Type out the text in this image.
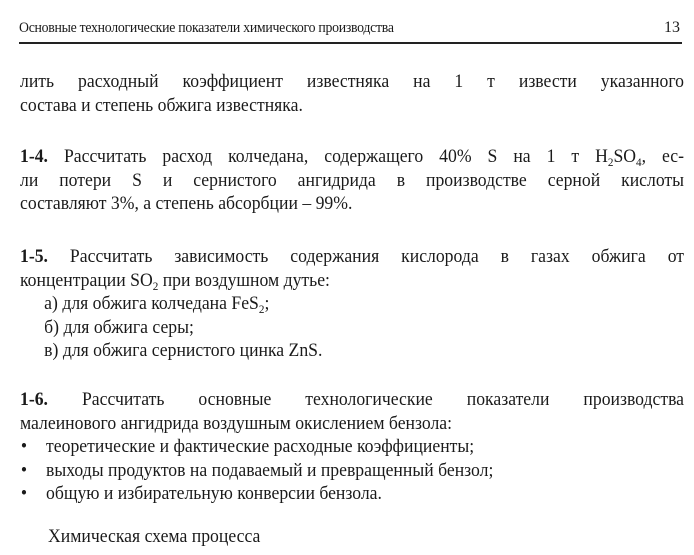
Основные технологические показатели химического производства	13
лить расходный коэффициент известняка на 1 т извести указанного
состава и степень обжига известняка.
1-4. Рассчитать расход колчедана, содержащего 40% S на 1 т $H_2SO_4$, ес-
ли потери S и сернистого ангидрида в производстве серной кислоты
составляют 3%, а степень абсорбции – 99%.
1-5. Рассчитать зависимость содержания кислорода в газах обжига от
концентрации $SO_2$ при воздушном дутье:
а) для обжига колчедана FeS$_2$;
б) для обжига серы;
в) для обжига сернистого цинка ZnS.
1-6. Рассчитать основные технологические показатели производства
малеинового ангидрида воздушным окислением бензола:
• теоретические и фактические расходные коэффициенты;
• выходы продуктов на подаваемый и превращенный бензол;
• общую и избирательную конверсии бензола.
Химическая схема процесса
